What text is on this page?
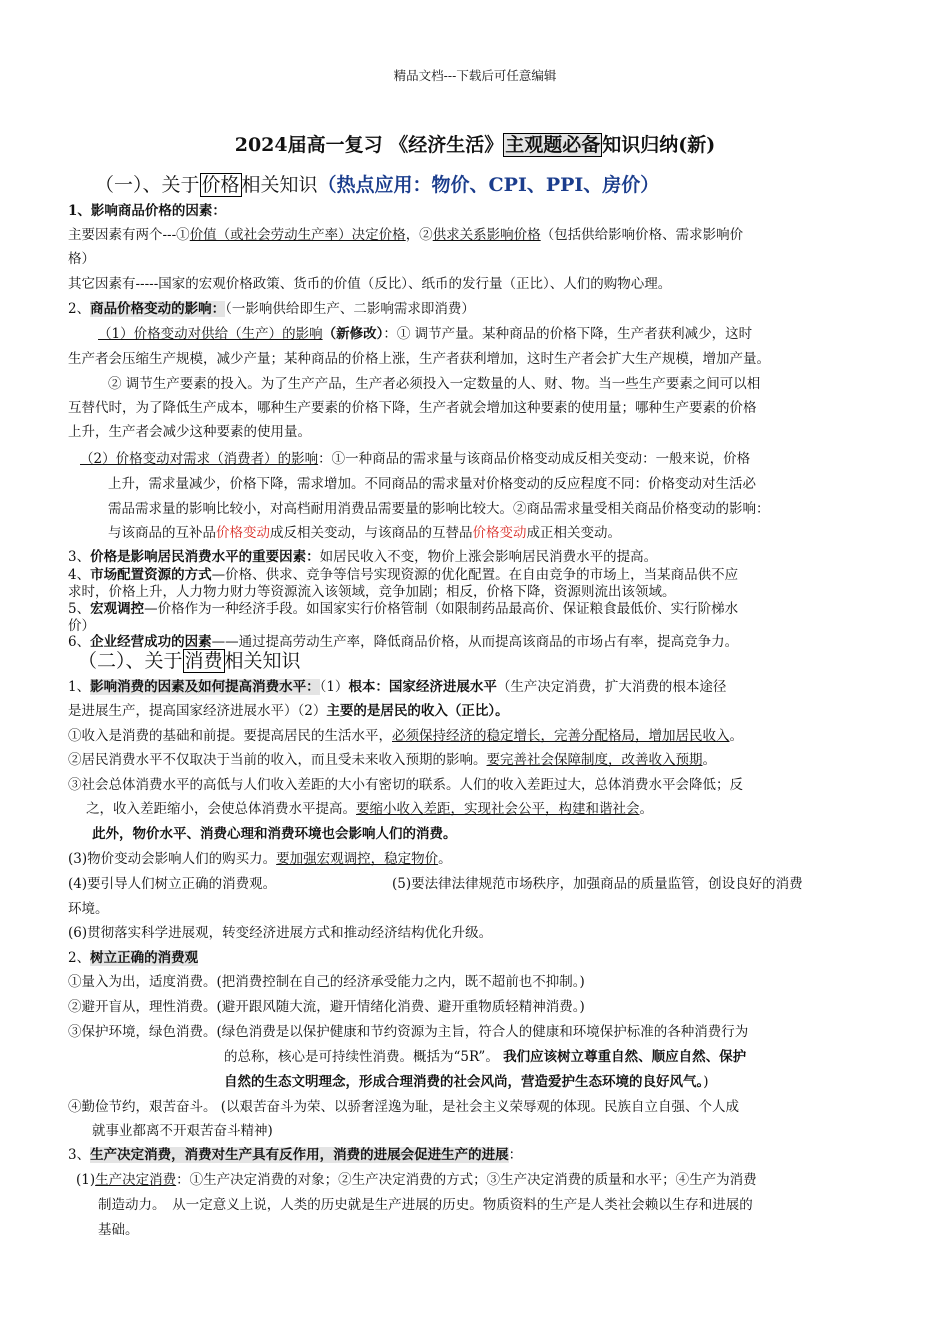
精品文档---下载后可任意编辑
2024届高一复习 《经济生活》 主观题必备 知识归纳(新)
（一）、关于 价格 相关知识（热点应用：物价、CPI、PPI、房价）
1、影响商品价格的因素：
主要因素有两个---①价值（或社会劳动生产率）决定价格，②供求关系影响价格（包括供给影响价格、需求影响价
格）
其它因素有-----国家的宏观价格政策、货币的价值（反比）、纸币的发行量（正比）、人们的购物心理。
2、商品价格变动的影响：（一影响供给即生产、二影响需求即消费）
（1）价格变动对供给（生产）的影响（新修改）：① 调节产量。某种商品的价格下降，生产者获利减少，这时
生产者会压缩生产规模，减少产量；某种商品的价格上涨，生产者获利增加，这时生产者会扩大生产规模，增加产量。
② 调节生产要素的投入。为了生产产品，生产者必须投入一定数量的人、财、物。当一些生产要素之间可以相
互替代时，为了降低生产成本，哪种生产要素的价格下降，生产者就会增加这种要素的使用量；哪种生产要素的价格
上升，生产者会减少这种要素的使用量。
（2）价格变动对需求（消费者）的影响：①一种商品的需求量与该商品价格变动成反相关变动：一般来说，价格
上升，需求量减少，价格下降，需求增加。不同商品的需求量对价格变动的反应程度不同：价格变动对生活必
需品需求量的影响比较小，对高档耐用消费品需要量的影响比较大。②商品需求量受相关商品价格变动的影响：
与该商品的互补品价格变动成反相关变动，与该商品的互替品价格变动成正相关变动。
3、价格是影响居民消费水平的重要因素：如居民收入不变，物价上涨会影响居民消费水平的提高。
4、市场配置资源的方式—价格、供求、竞争等信号实现资源的优化配置。在自由竞争的市场上，当某商品供不应
求时，价格上升，人力物力财力等资源流入该领域，竞争加剧；相反，价格下降，资源则流出该领域。
5、宏观调控—价格作为一种经济手段。如国家实行价格管制（如限制药品最高价、保证粮食最低价、实行阶梯水
价）
6、企业经营成功的因素——通过提高劳动生产率，降低商品价格，从而提高该商品的市场占有率，提高竞争力。
（二）、关于 消费 相关知识
1、影响消费的因素及如何提高消费水平：（1）根本：国家经济进展水平（生产决定消费，扩大消费的根本途径
是进展生产，提高国家经济进展水平）（2）主要的是居民的收入（正比）。
①收入是消费的基础和前提。要提高居民的生活水平，必须保持经济的稳定增长，完善分配格局，增加居民收入。
②居民消费水平不仅取决于当前的收入，而且受未来收入预期的影响。要完善社会保障制度，改善收入预期。
③社会总体消费水平的高低与人们收入差距的大小有密切的联系。人们的收入差距过大，总体消费水平会降低；反
之，收入差距缩小，会使总体消费水平提高。要缩小收入差距，实现社会公平，构建和谐社会。
此外，物价水平、消费心理和消费环境也会影响人们的消费。
(3)物价变动会影响人们的购买力。要加强宏观调控，稳定物价。
(4)要引导人们树立正确的消费观。	(5)要法律法律规范市场秩序，加强商品的质量监管，创设良好的消费
环境。
(6)贯彻落实科学进展观，转变经济进展方式和推动经济结构优化升级。
2、树立正确的消费观
①量入为出，适度消费。(把消费控制在自己的经济承受能力之内，既不超前也不抑制。)
②避开盲从，理性消费。(避开跟风随大流，避开情绪化消费、避开重物质轻精神消费。)
③保护环境，绿色消费。(绿色消费是以保护健康和节约资源为主旨，符合人的健康和环境保护标准的各种消费行为
的总称，核心是可持续性消费。概括为“5R”。 我们应该树立尊重自然、顺应自然、保护
自然的生态文明理念，形成合理消费的社会风尚，营造爱护生态环境的良好风气。)
④勤俭节约，艰苦奋斗。 (以艰苦奋斗为荣、以骄奢淫逸为耻，是社会主义荣辱观的体现。民族自立自强、个人成
就事业都离不开艰苦奋斗精神)
3、生产决定消费，消费对生产具有反作用，消费的进展会促进生产的进展：
(1)生产决定消费：①生产决定消费的对象；②生产决定消费的方式；③生产决定消费的质量和水平；④生产为消费
制造动力。　从一定意义上说，人类的历史就是生产进展的历史。物质资料的生产是人类社会赖以生存和进展的
基础。
